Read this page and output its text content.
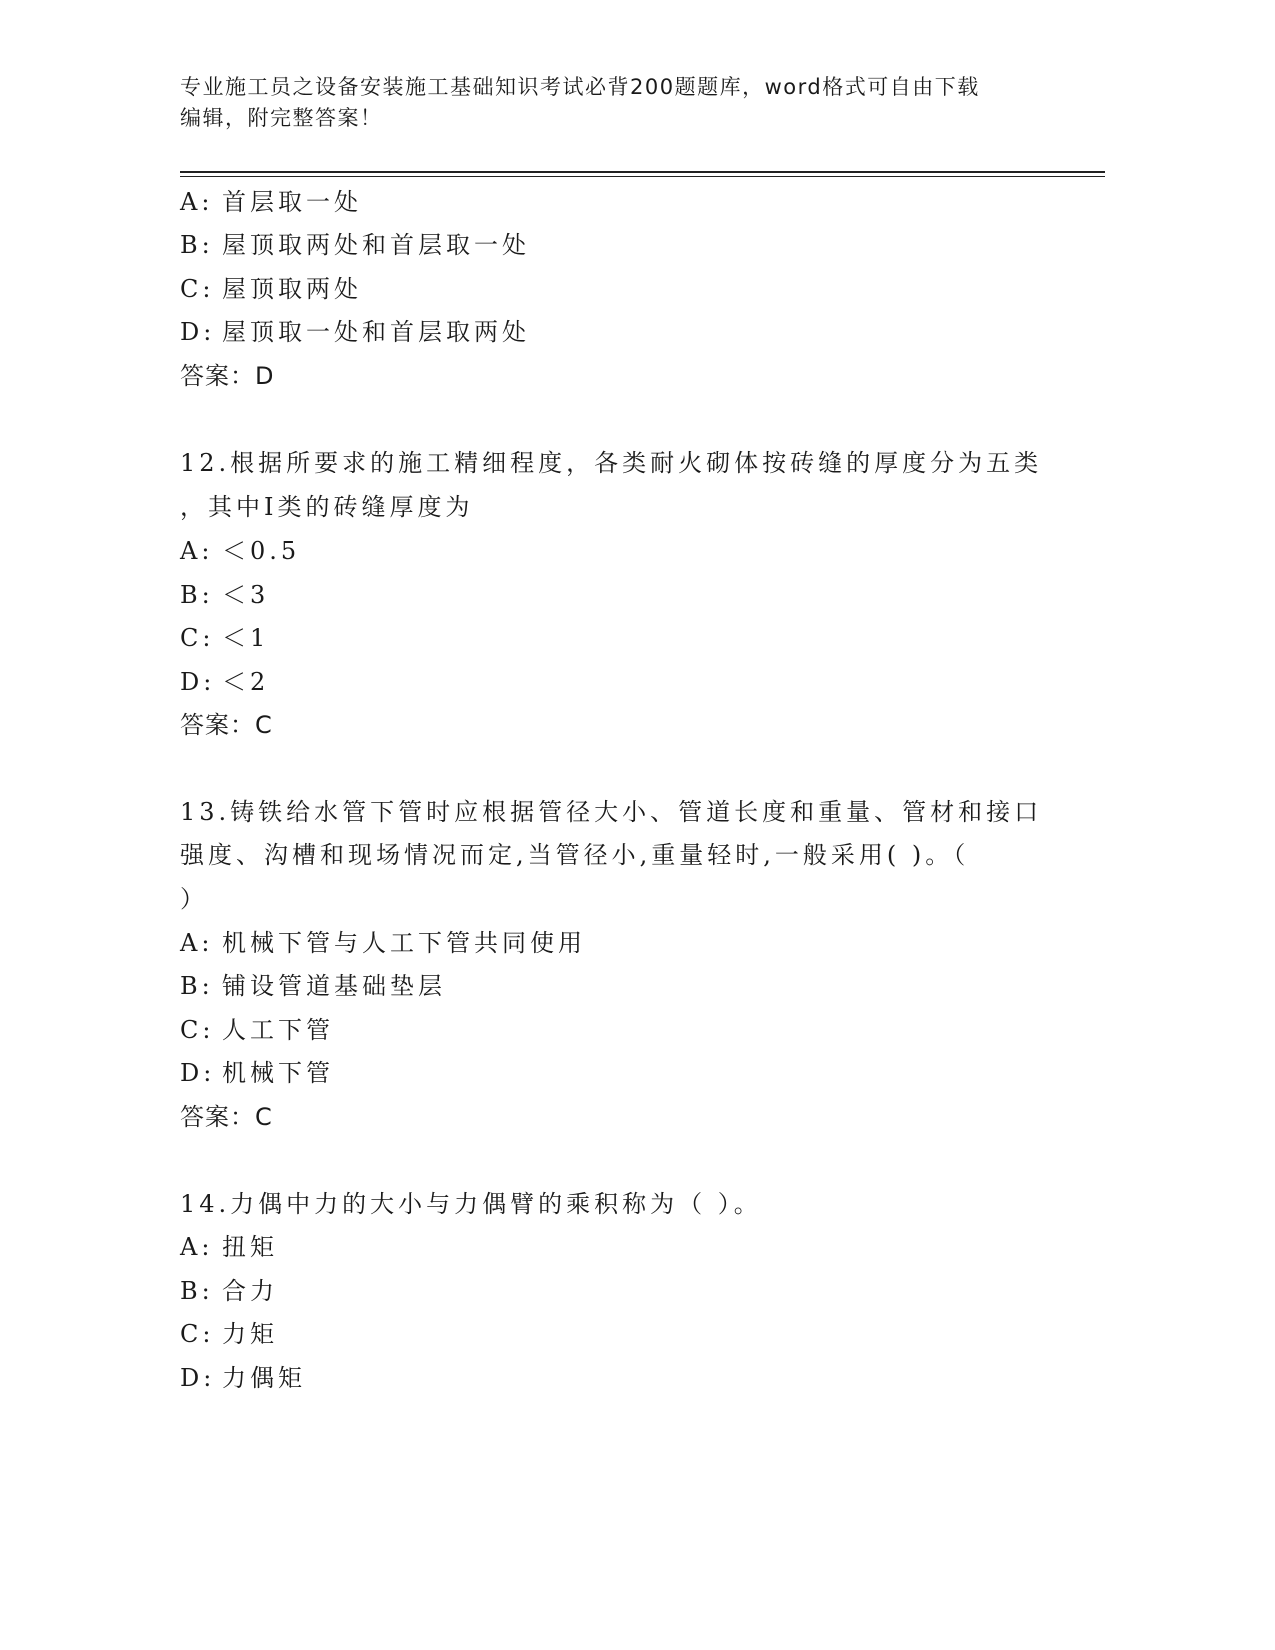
专业施工员之设备安装施工基础知识考试必背200题题库，word格式可自由下载
编辑，附完整答案！
A: 首层取一处
B: 屋顶取两处和首层取一处
C: 屋顶取两处
D: 屋顶取一处和首层取两处
答案：D
12.根据所要求的施工精细程度，各类耐火砌体按砖缝的厚度分为五类
，其中Ⅰ类的砖缝厚度为
A: ＜0.5
B: ＜3
C: ＜1
D: ＜2
答案：C
13.铸铁给水管下管时应根据管径大小、管道长度和重量、管材和接口
强度、沟槽和现场情况而定,当管径小,重量轻时,一般采用( )。（
）
A: 机械下管与人工下管共同使用
B: 铺设管道基础垫层
C: 人工下管
D: 机械下管
答案：C
14.力偶中力的大小与力偶臂的乘积称为（ ）。
A: 扭矩
B: 合力
C: 力矩
D: 力偶矩
